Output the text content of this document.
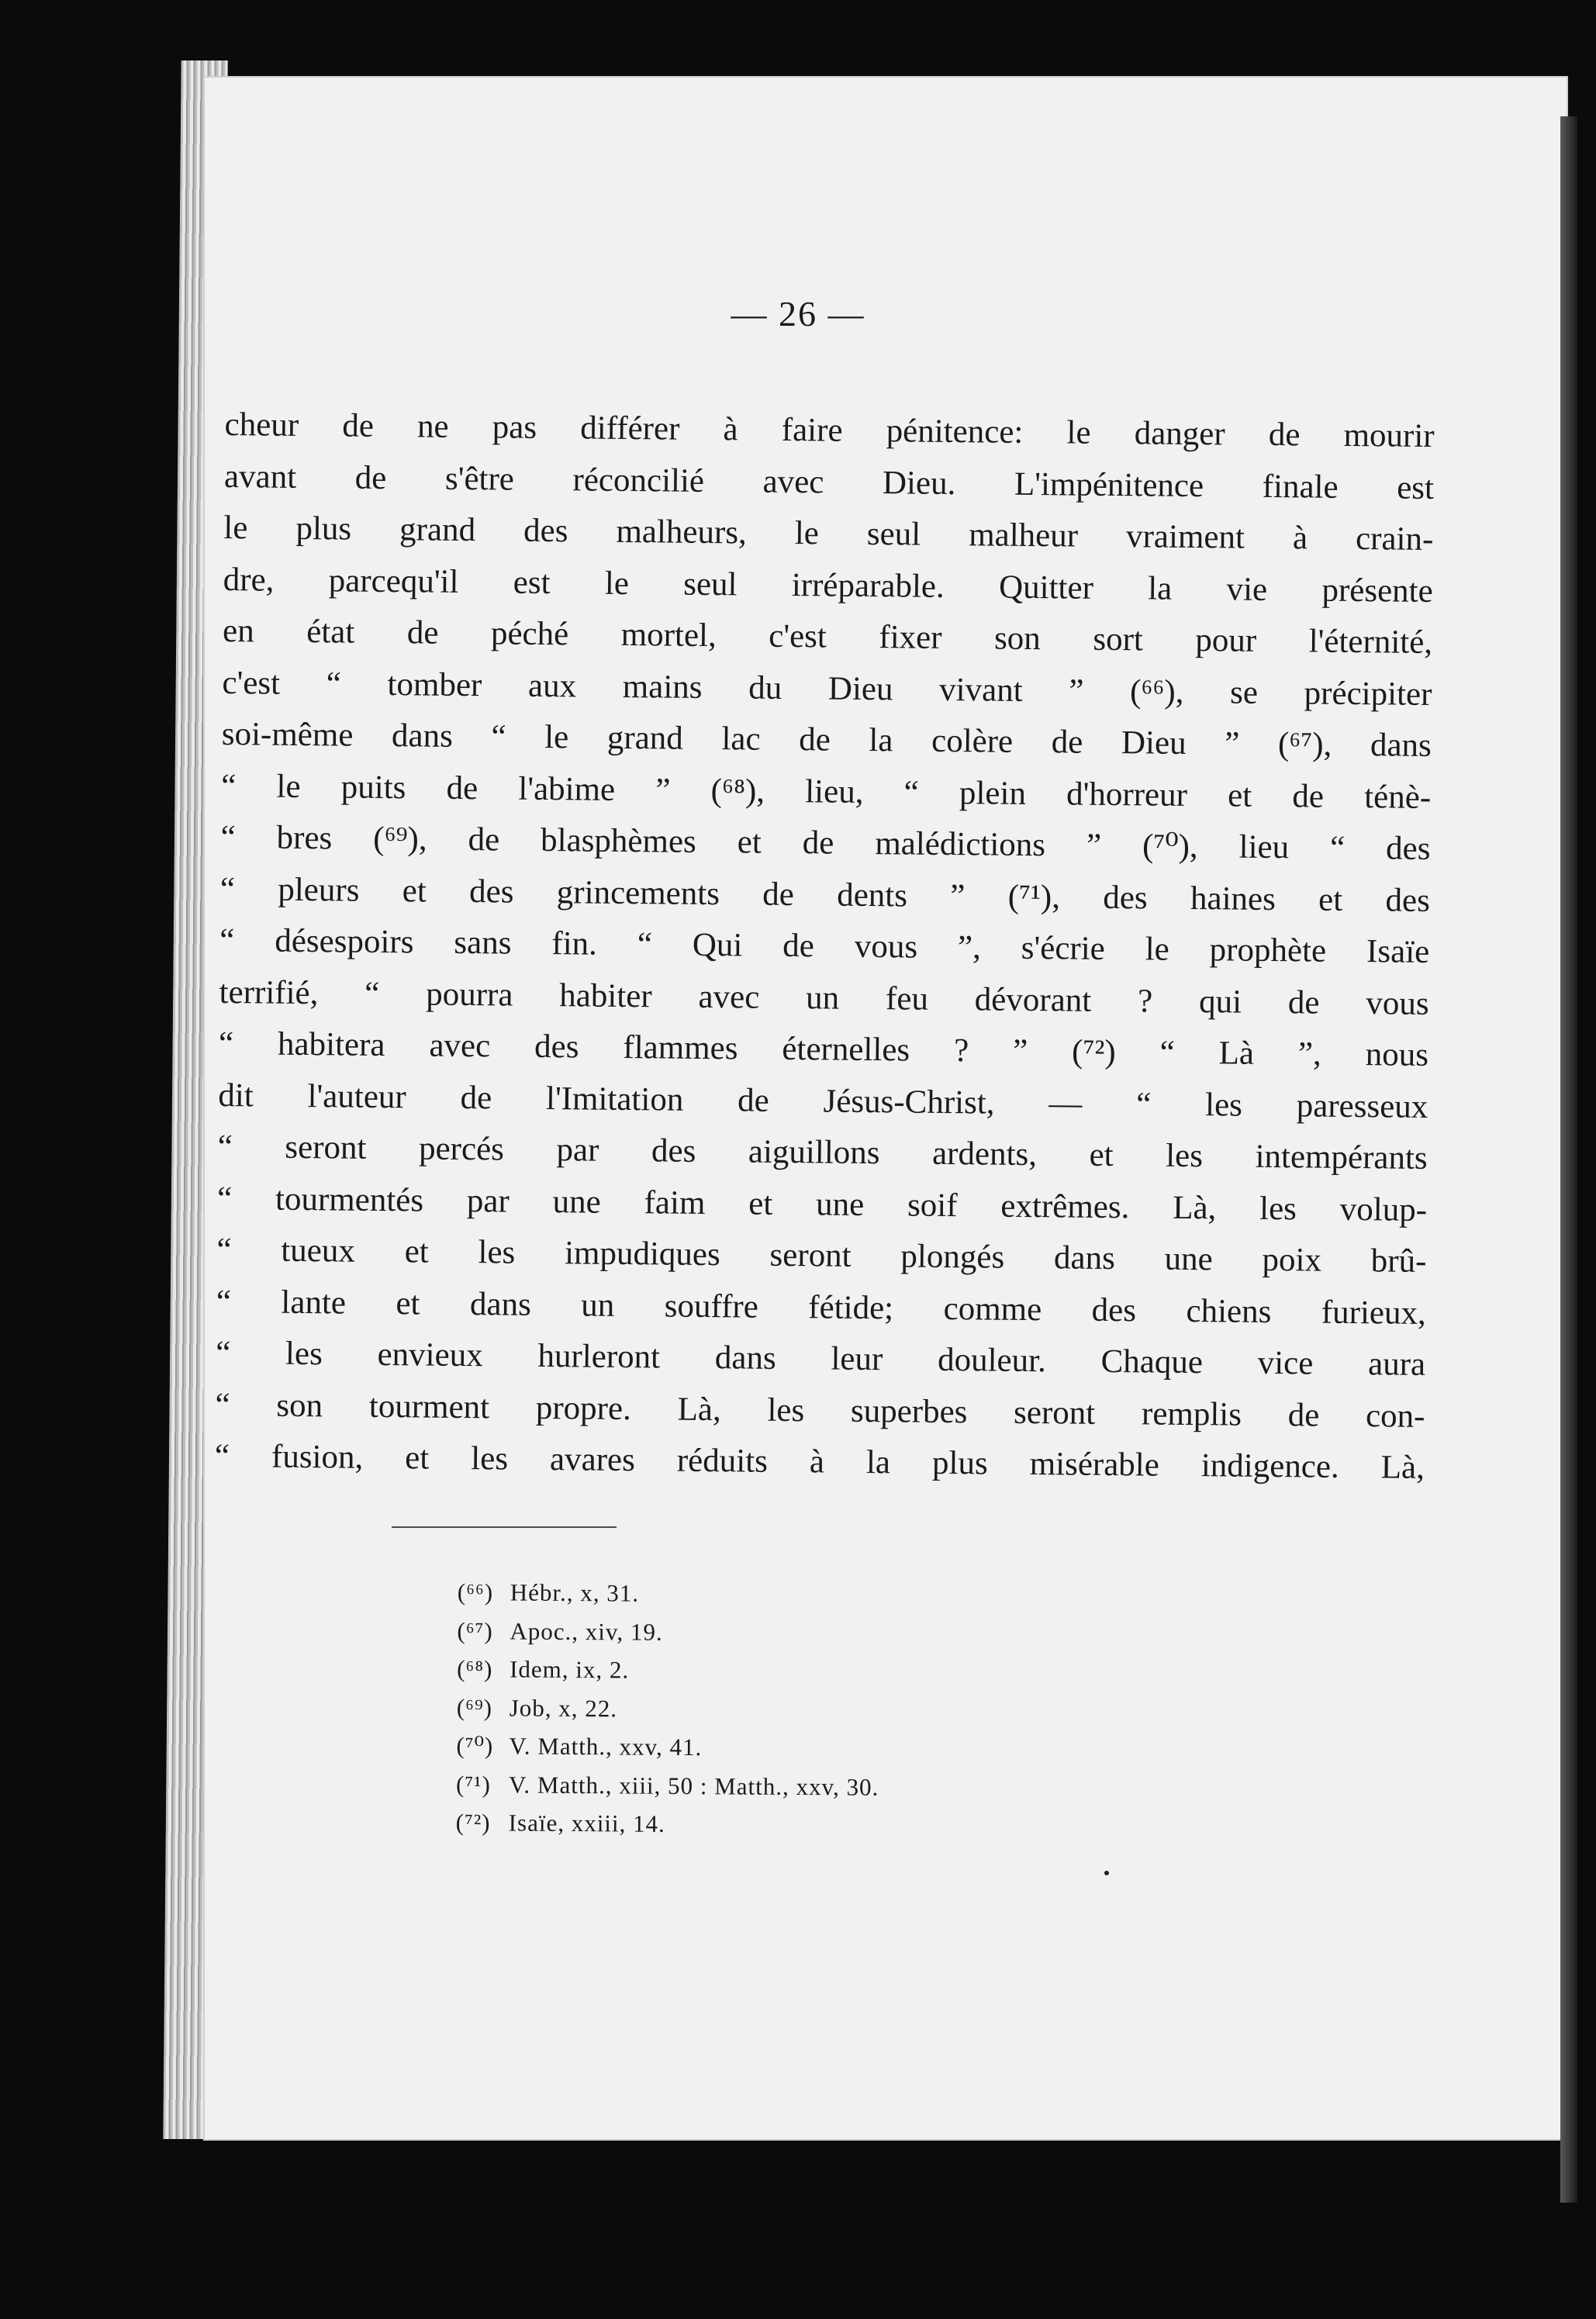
— 26 —
cheur de ne pas différer à faire pénitence: le danger de mourir
avant de s'être réconcilié avec Dieu. L'impénitence finale est
le plus grand des malheurs, le seul malheur vraiment à crain-
dre, parcequ'il est le seul irréparable. Quitter la vie présente
en état de péché mortel, c'est fixer son sort pour l'éternité,
c'est “ tomber aux mains du Dieu vivant ” (⁶⁶), se précipiter
soi-même dans “ le grand lac de la colère de Dieu ” (⁶⁷), dans
“ le puits de l'abime ” (⁶⁸), lieu, “ plein d'horreur et de ténè-
“ bres (⁶⁹), de blasphèmes et de malédictions ” (⁷⁰), lieu “ des
“ pleurs et des grincements de dents ” (⁷¹), des haines et des
“ désespoirs sans fin. “ Qui de vous ”, s'écrie le prophète Isaïe
terrifié, “ pourra habiter avec un feu dévorant ? qui de vous
“ habitera avec des flammes éternelles ? ” (⁷²) “ Là ”, nous
dit l'auteur de l'Imitation de Jésus-Christ, — “ les paresseux
“ seront percés par des aiguillons ardents, et les intempérants
“ tourmentés par une faim et une soif extrêmes. Là, les volup-
“ tueux et les impudiques seront plongés dans une poix brû-
“ lante et dans un souffre fétide; comme des chiens furieux,
“ les envieux hurleront dans leur douleur. Chaque vice aura
“ son tourment propre. Là, les superbes seront remplis de con-
“ fusion, et les avares réduits à la plus misérable indigence. Là,
(⁶⁶) Hébr., x, 31.
(⁶⁷) Apoc., xiv, 19.
(⁶⁸) Idem, ix, 2.
(⁶⁹) Job, x, 22.
(⁷⁰) V. Matth., xxv, 41.
(⁷¹) V. Matth., xiii, 50 : Matth., xxv, 30.
(⁷²) Isaïe, xxiii, 14.
